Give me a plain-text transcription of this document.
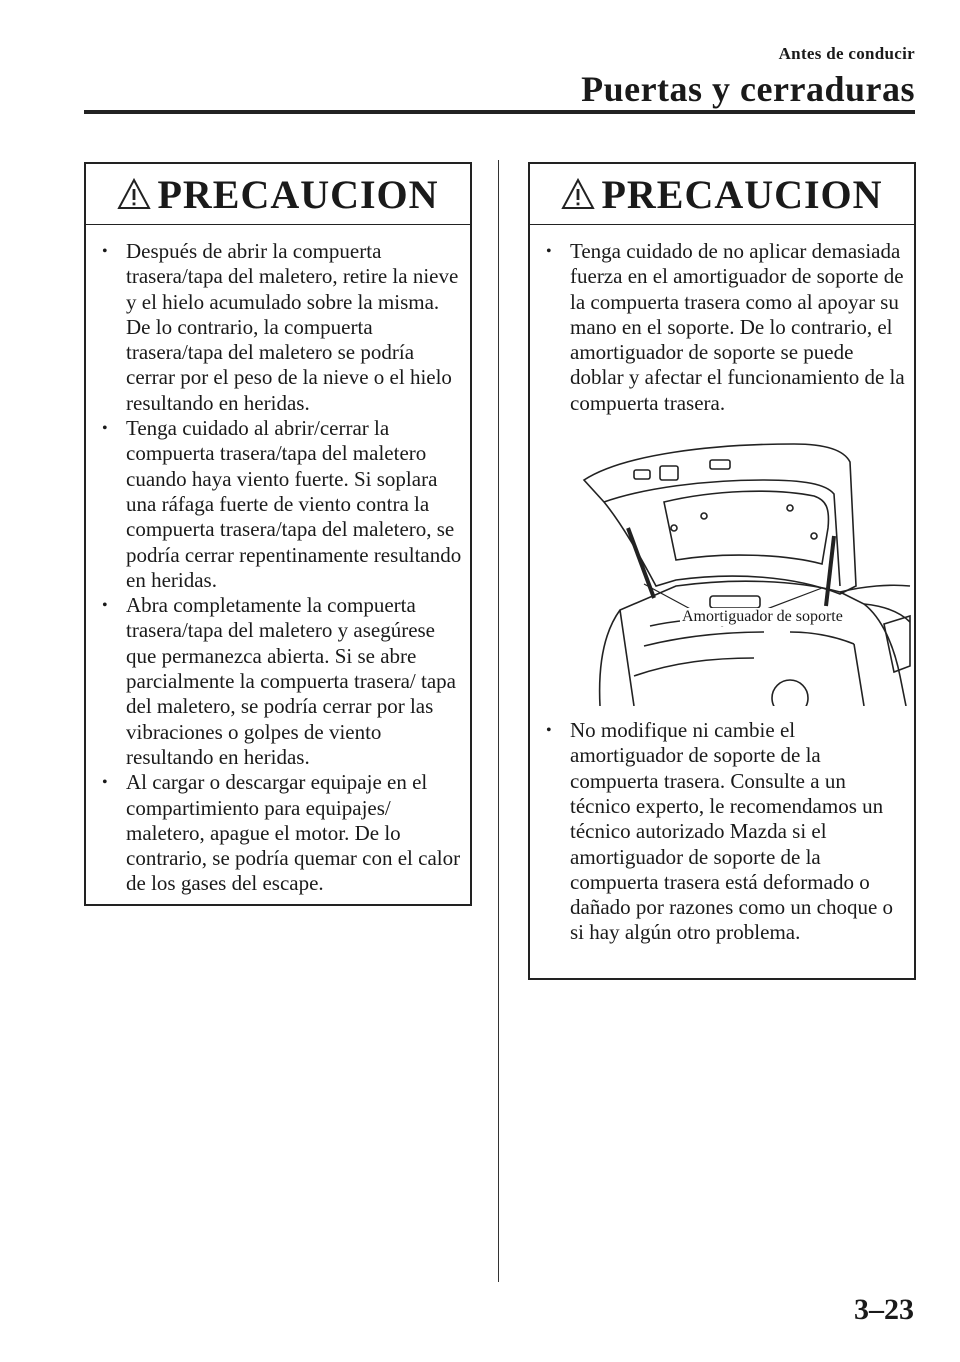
Antes de conducir
Puertas y cerraduras
PRECAUCION
• Después de abrir la compuerta trasera/tapa del maletero, retire la nieve y el hielo acumulado sobre la misma. De lo contrario, la compuerta trasera/tapa del maletero se podría cerrar por el peso de la nieve o el hielo resultando en heridas.
• Tenga cuidado al abrir/cerrar la compuerta trasera/tapa del maletero cuando haya viento fuerte. Si soplara una ráfaga fuerte de viento contra la compuerta trasera/tapa del maletero, se podría cerrar repentinamente resultando en heridas.
• Abra completamente la compuerta trasera/tapa del maletero y asegúrese que permanezca abierta. Si se abre parcialmente la compuerta trasera/ tapa del maletero, se podría cerrar por las vibraciones o golpes de viento resultando en heridas.
• Al cargar o descargar equipaje en el compartimiento para equipajes/ maletero, apague el motor. De lo contrario, se podría quemar con el calor de los gases del escape.
PRECAUCION
• Tenga cuidado de no aplicar demasiada fuerza en el amortiguador de soporte de la compuerta trasera como al apoyar su mano en el soporte. De lo contrario, el amortiguador de soporte se puede doblar y afectar el funcionamiento de la compuerta trasera.
Amortiguador de soporte
• No modifique ni cambie el amortiguador de soporte de la compuerta trasera. Consulte a un técnico experto, le recomendamos un técnico autorizado Mazda si el amortiguador de soporte de la compuerta trasera está deformado o dañado por razones como un choque o si hay algún otro problema.
3–23
